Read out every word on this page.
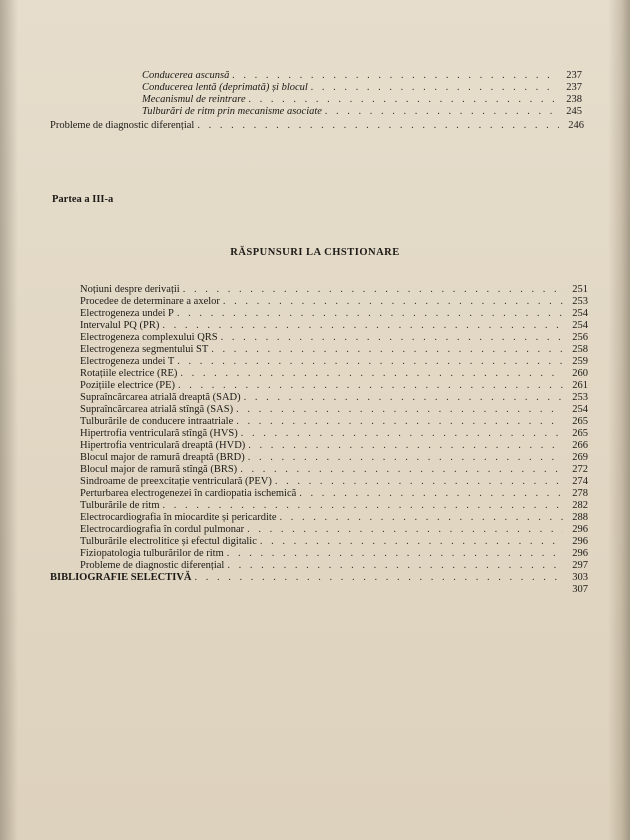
Conducerea ascunsă . . .	237
Conducerea lentă (deprimată) și blocul . . .	237
Mecanismul de reintrare . . .	238
Tulburări de ritm prin mecanisme asociate . . .	245
Probleme de diagnostic diferențial . . .	246
Partea a III-a
RĂSPUNSURI LA CHSTIONARE
Noțiuni despre derivații . . .	251
Procedee de determinare a axelor . . .	253
Electrogeneza undei P . . .	254
Intervalul PQ (PR) . . .	254
Electrogeneza complexului QRS . . .	256
Electrogeneza segmentului ST . . .	258
Electrogeneza undei T . . .	259
Rotațiile electrice (RE) . . .	260
Pozițiile electrice (PE) . . .	261
Supraîncărcarea atrială dreaptă (SAD) . . .	253
Supraîncărcarea atrială stîngă (SAS) . . .	254
Tulburările de conducere intraatriale . . .	265
Hipertrofia ventriculară stîngă (HVS) . . .	265
Hipertrofia ventriculară dreaptă (HVD) . . .	266
Blocul major de ramură dreaptă (BRD) . . .	269
Blocul major de ramură stîngă (BRS) . . .	272
Sindroame de preexcitație ventriculară (PEV) . . .	274
Perturbarea electrogenezei în cardiopatia ischemică . . .	278
Tulburările de ritm . . .	282
Electrocardiografia în miocardite și pericardite . . .	288
Electrocardiografia în cordul pulmonar . . .	296
Tulburările electrolitice și efectul digitalic . . .	296
Fiziopatologia tulburărilor de ritm . . .	296
Probleme de diagnostic diferențial . . .	297
BIBLIOGRAFIE SELECTIVĂ . . .	303
307
